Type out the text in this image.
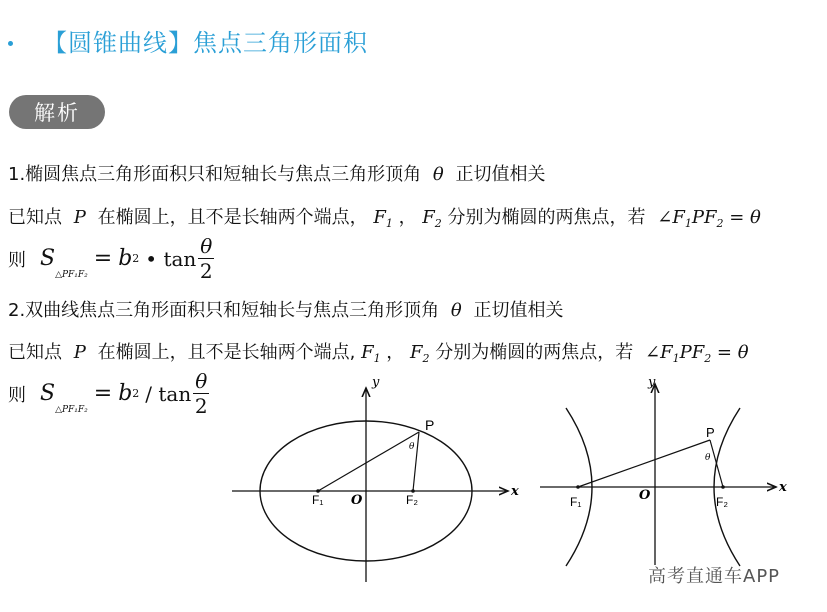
【圆锥曲线】焦点三角形面积
解析
1.椭圆焦点三角形面积只和短轴长与焦点三角形顶角 θ 正切值相关
已知点 P 在椭圆上，且不是长轴两个端点， $F_1$ ， $F_2$ 分别为椭圆的两焦点，若 $\angle F_1PF_2 = \theta$
则 S
△PF₁F₂
= b 2 • $\tan \frac{\theta}{2}$
2.双曲线焦点三角形面积只和短轴长与焦点三角形顶角 θ 正切值相关
已知点 P 在椭圆上，且不是长轴两个端点, $F_1$ ， $F_2$ 分别为椭圆的两焦点，若 $\angle F_1PF_2 = \theta$
则 S
△PF₁F₂
= b $2 / \tan \frac{\theta}{2}$	y
x
O
P
F₁	F₂
θ
y
x
O
P
F₁	F₂
θ
高考直通车APP
